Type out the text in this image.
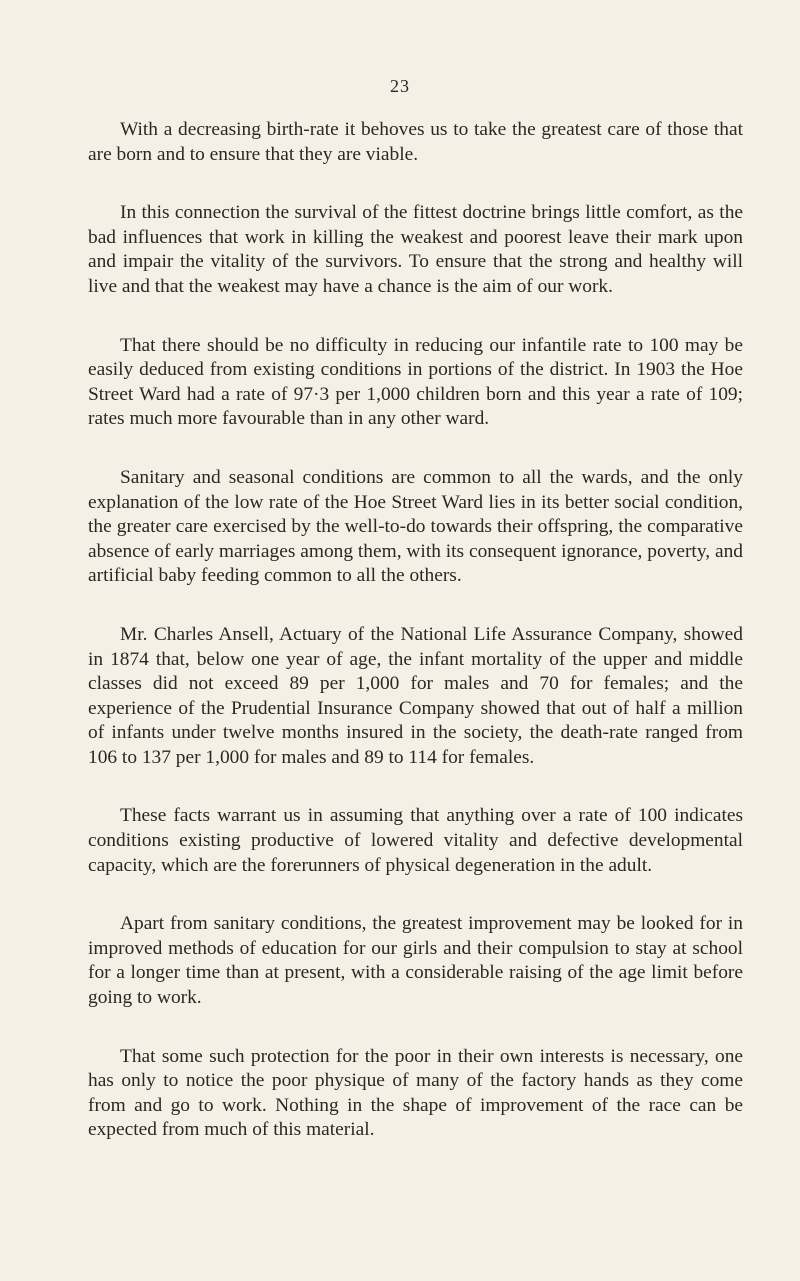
23

With a decreasing birth-rate it behoves us to take the greatest care of those that are born and to ensure that they are viable.

In this connection the survival of the fittest doctrine brings little comfort, as the bad influences that work in killing the weakest and poorest leave their mark upon and impair the vitality of the survivors. To ensure that the strong and healthy will live and that the weakest may have a chance is the aim of our work.

That there should be no difficulty in reducing our infantile rate to 100 may be easily deduced from existing conditions in portions of the district. In 1903 the Hoe Street Ward had a rate of 97·3 per 1,000 children born and this year a rate of 109; rates much more favourable than in any other ward.

Sanitary and seasonal conditions are common to all the wards, and the only explanation of the low rate of the Hoe Street Ward lies in its better social condition, the greater care exercised by the well-to-do towards their offspring, the comparative absence of early marriages among them, with its consequent ignorance, poverty, and artificial baby feeding common to all the others.

Mr. Charles Ansell, Actuary of the National Life Assurance Company, showed in 1874 that, below one year of age, the infant mortality of the upper and middle classes did not exceed 89 per 1,000 for males and 70 for females; and the experience of the Prudential Insurance Company showed that out of half a million of infants under twelve months insured in the society, the death-rate ranged from 106 to 137 per 1,000 for males and 89 to 114 for females.

These facts warrant us in assuming that anything over a rate of 100 indicates conditions existing productive of lowered vitality and defective developmental capacity, which are the forerunners of physical degeneration in the adult.

Apart from sanitary conditions, the greatest improvement may be looked for in improved methods of education for our girls and their compulsion to stay at school for a longer time than at present, with a considerable raising of the age limit before going to work.

That some such protection for the poor in their own interests is necessary, one has only to notice the poor physique of many of the factory hands as they come from and go to work. Nothing in the shape of improvement of the race can be expected from much of this material.
